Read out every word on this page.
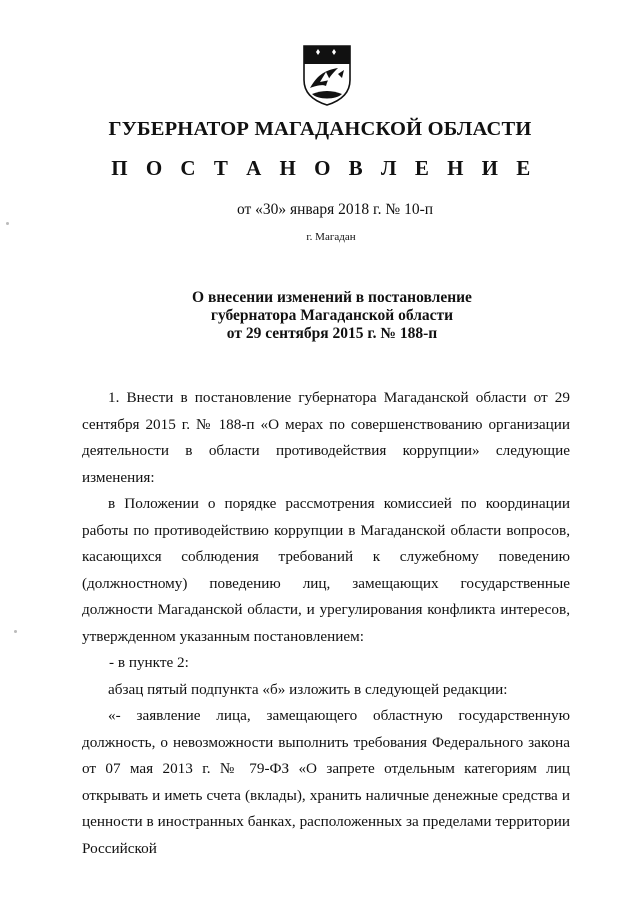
ГУБЕРНАТОР МАГАДАНСКОЙ ОБЛАСТИ
П О С Т А Н О В Л Е Н И Е
от «30» января 2018 г. № 10-п
г. Магадан
О внесении изменений в постановление
губернатора Магаданской области
от 29 сентября 2015 г. № 188-п

1. Внести в постановление губернатора Магаданской области от 29 сентября 2015 г. № 188-п «О мерах по совершенствованию организации деятельности в области противодействия коррупции» следующие изменения:

в Положении о порядке рассмотрения комиссией по координации работы по противодействию коррупции в Магаданской области вопросов, касающихся соблюдения требований к служебному поведению (должностному) поведению лиц, замещающих государственные должности Магаданской области, и урегулирования конфликта интересов, утвержденном указанным постановлением:

- в пункте 2:

абзац пятый подпункта «б» изложить в следующей редакции:

«- заявление лица, замещающего областную государственную должность, о невозможности выполнить требования Федерального закона от 07 мая 2013 г. № 79-ФЗ «О запрете отдельным категориям лиц открывать и иметь счета (вклады), хранить наличные денежные средства и ценности в иностранных банках, расположенных за пределами территории Российской
